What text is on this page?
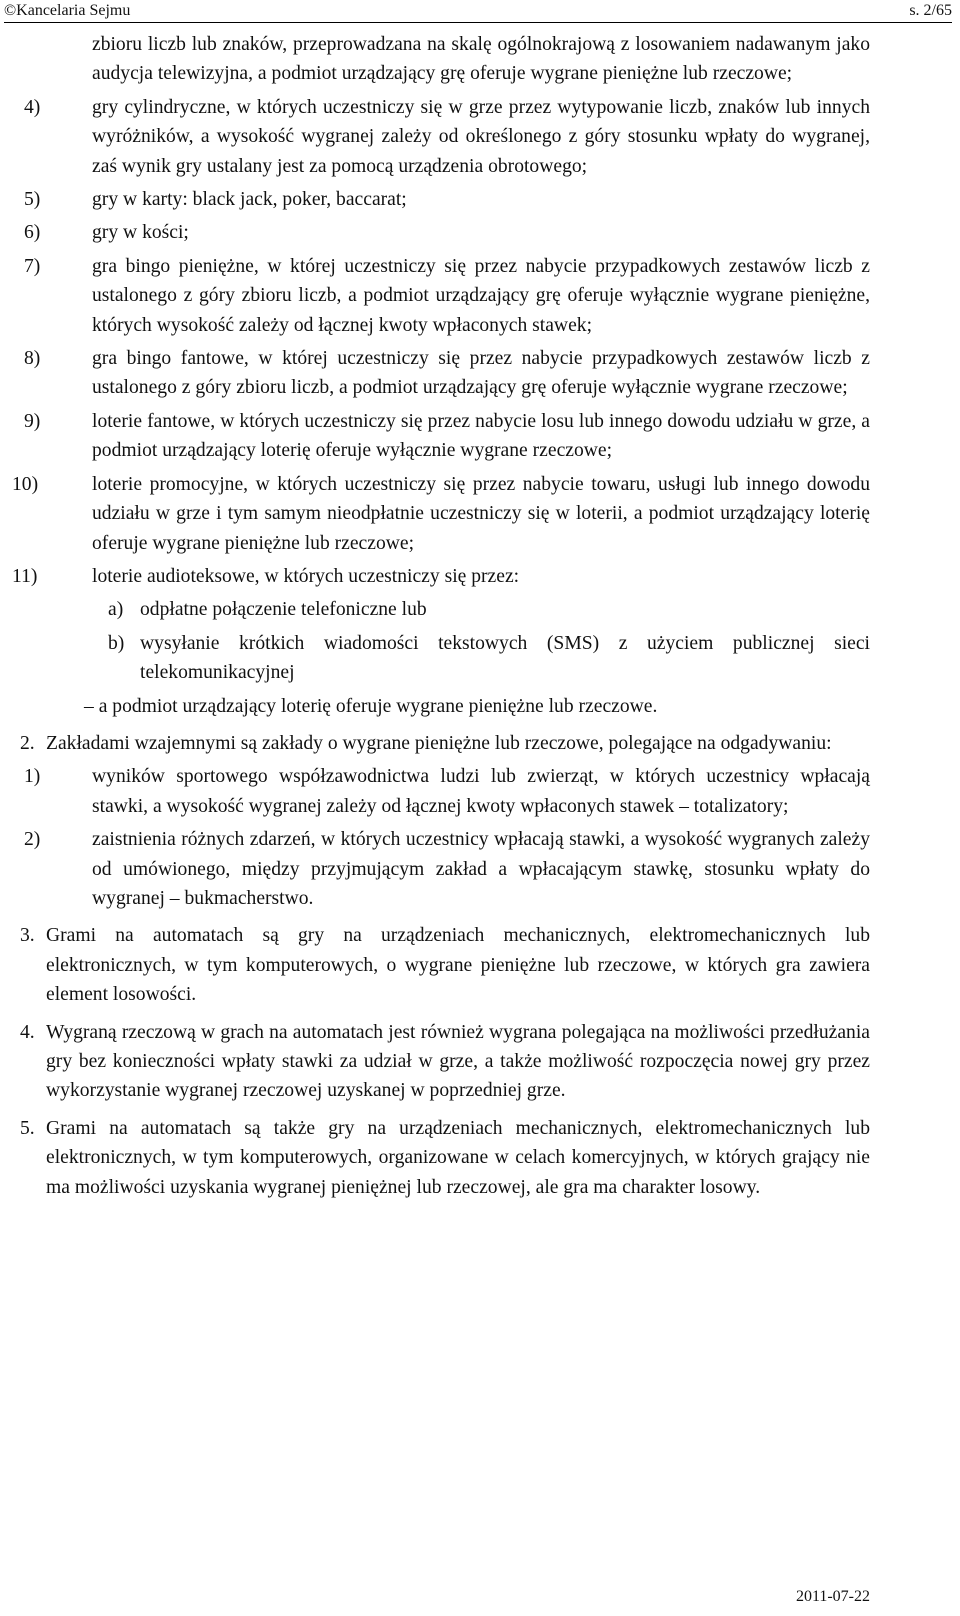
©Kancelaria Sejmu	s. 2/65

zbioru liczb lub znaków, przeprowadzana na skalę ogólnokrajową z losowaniem nadawanym jako audycja telewizyjna, a podmiot urządzający grę oferuje wygrane pieniężne lub rzeczowe;

4)	gry cylindryczne, w których uczestniczy się w grze przez wytypowanie liczb, znaków lub innych wyróżników, a wysokość wygranej zależy od określonego z góry stosunku wpłaty do wygranej, zaś wynik gry ustalany jest za pomocą urządzenia obrotowego;

5)	gry w karty: black jack, poker, baccarat;

6)	gry w kości;

7)	gra bingo pieniężne, w której uczestniczy się przez nabycie przypadkowych zestawów liczb z ustalonego z góry zbioru liczb, a podmiot urządzający grę oferuje wyłącznie wygrane pieniężne, których wysokość zależy od łącznej kwoty wpłaconych stawek;

8)	gra bingo fantowe, w której uczestniczy się przez nabycie przypadkowych zestawów liczb z ustalonego z góry zbioru liczb, a podmiot urządzający grę oferuje wyłącznie wygrane rzeczowe;

9)	loterie fantowe, w których uczestniczy się przez nabycie losu lub innego dowodu udziału w grze, a podmiot urządzający loterię oferuje wyłącznie wygrane rzeczowe;

10)	loterie promocyjne, w których uczestniczy się przez nabycie towaru, usługi lub innego dowodu udziału w grze i tym samym nieodpłatnie uczestniczy się w loterii, a podmiot urządzający loterię oferuje wygrane pieniężne lub rzeczowe;

11)	loterie audioteksowe, w których uczestniczy się przez:

a) odpłatne połączenie telefoniczne lub

b) wysyłanie krótkich wiadomości tekstowych (SMS) z użyciem publicznej sieci telekomunikacyjnej

– a podmiot urządzający loterię oferuje wygrane pieniężne lub rzeczowe.

2. Zakładami wzajemnymi są zakłady o wygrane pieniężne lub rzeczowe, polegające na odgadywaniu:

1)	wyników sportowego współzawodnictwa ludzi lub zwierząt, w których uczestnicy wpłacają stawki, a wysokość wygranej zależy od łącznej kwoty wpłaconych stawek – totalizatory;

2)	zaistnienia różnych zdarzeń, w których uczestnicy wpłacają stawki, a wysokość wygranych zależy od umówionego, między przyjmującym zakład a wpłacającym stawkę, stosunku wpłaty do wygranej – bukmacherstwo.

3. Grami na automatach są gry na urządzeniach mechanicznych, elektromechanicznych lub elektronicznych, w tym komputerowych, o wygrane pieniężne lub rzeczowe, w których gra zawiera element losowości.

4. Wygraną rzeczową w grach na automatach jest również wygrana polegająca na możliwości przedłużania gry bez konieczności wpłaty stawki za udział w grze, a także możliwość rozpoczęcia nowej gry przez wykorzystanie wygranej rzeczowej uzyskanej w poprzedniej grze.

5. Grami na automatach są także gry na urządzeniach mechanicznych, elektromechanicznych lub elektronicznych, w tym komputerowych, organizowane w celach komercyjnych, w których grający nie ma możliwości uzyskania wygranej pieniężnej lub rzeczowej, ale gra ma charakter losowy.

2011-07-22
